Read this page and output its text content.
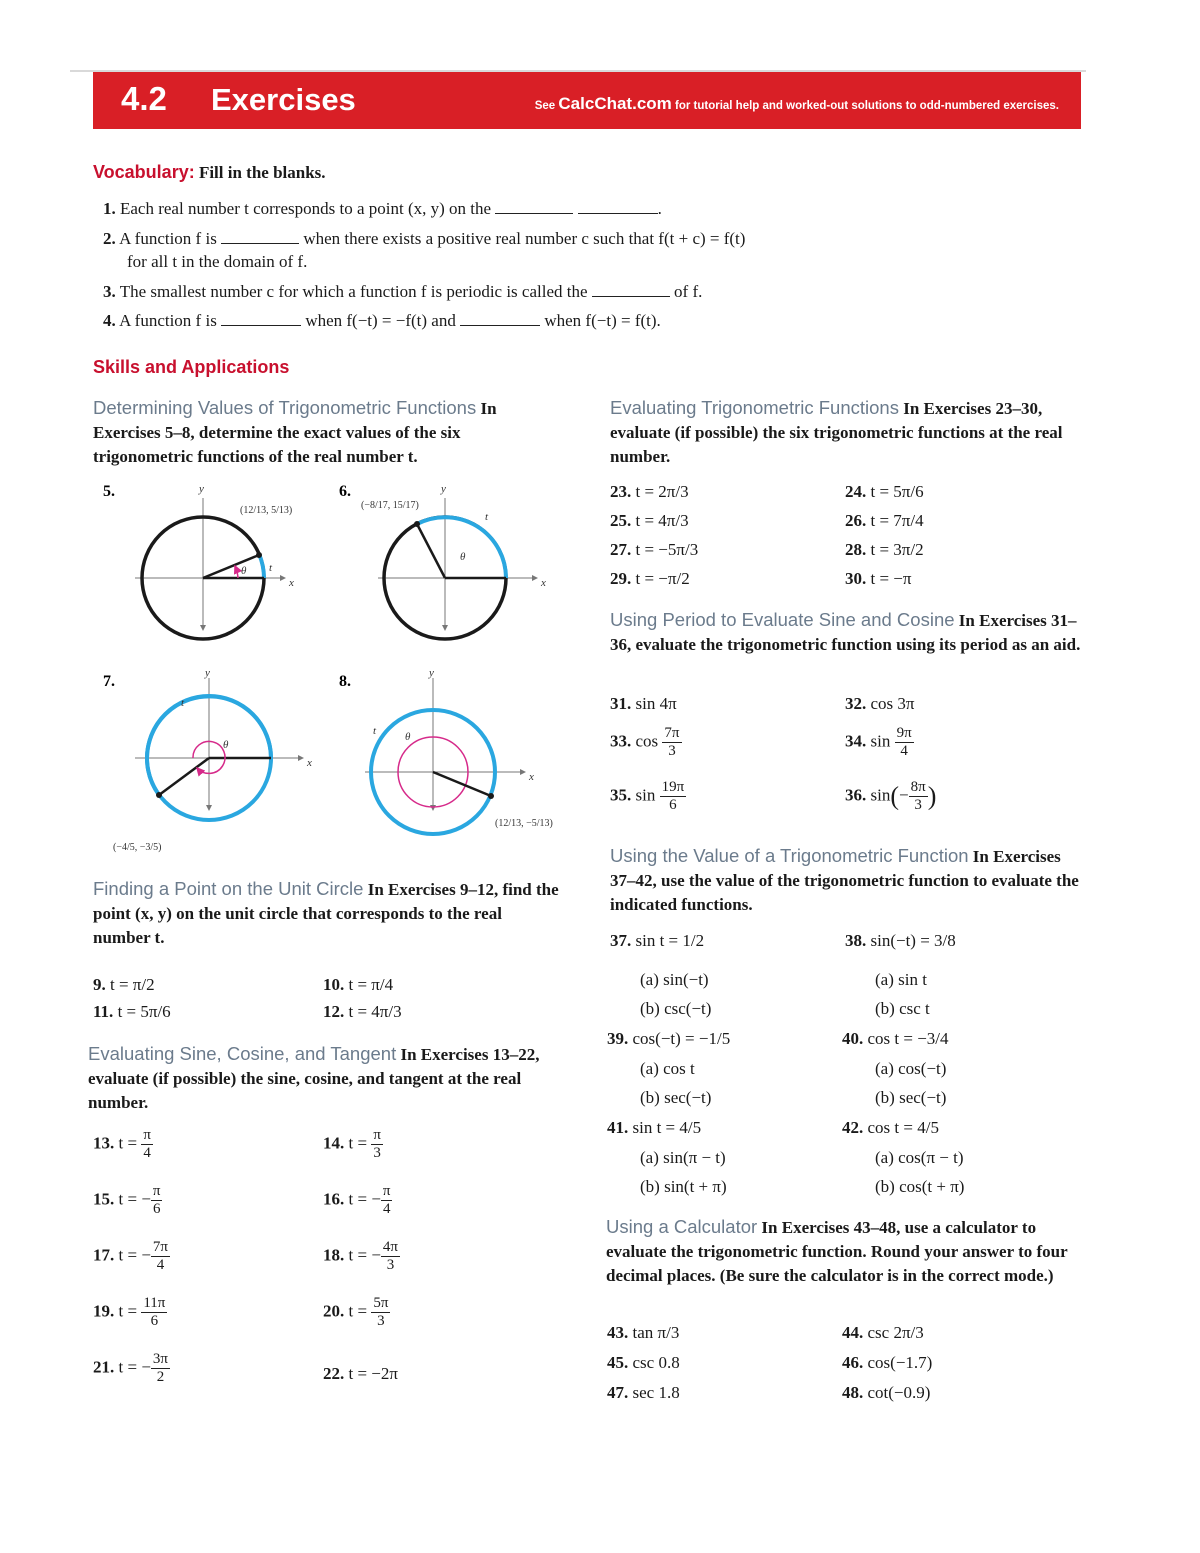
4.2 Exercises	See CalcChat.com for tutorial help and worked-out solutions to odd-numbered exercises.
Vocabulary: Fill in the blanks.
1. Each real number t corresponds to a point (x, y) on the	.
2. A function f is	when there exists a positive real number c such that f(t + c) = f(t)
for all t in the domain of f.
3. The smallest number c for which a function f is periodic is called the	of f.
4. A function f is	when f(−t) = −f(t) and	when f(−t) = f(t).
Skills and Applications
Determining Values of Trigonometric Functions In Exercises 5–8, determine the exact values of the six trigonometric functions of the real number t.
5.	y
x
θ t
(12/13, 5/13)
6.	y
x
θ
t
(−8/17, 15/17)
7.	y
x
θ
t
(−4/5, −3/5)
8.	y
x
θ
t
(12/13, −5/13)
Finding a Point on the Unit Circle In Exercises 9–12, find the point (x, y) on the unit circle that corresponds to the real number t.
9. t = π/2	10. t = π/4
11. t = 5π/6	12. t = 4π/3
Evaluating Sine, Cosine, and Tangent In Exercises 13–22, evaluate (if possible) the sine, cosine, and tangent at the real number.
13. $t = \frac{\pi}{4}$	14. $t = \frac{\pi}{3}$
15. t = − $\frac{\pi}{6}$	16. t = − $\frac{\pi}{4}$
17. t = − $\frac{7\pi}{4}$	18. t = − $\frac{4\pi}{3}$
19. $t = \frac{11\pi}{6}$	20. $t = \frac{5\pi}{3}$
21. t = − $\frac{3\pi}{2}$	22. t = −2π
Evaluating Trigonometric Functions In Exercises 23–30, evaluate (if possible) the six trigonometric functions at the real number.
23. t = 2π/3	24. t = 5π/6
25. t = 4π/3	26. t = 7π/4
27. t = −5π/3	28. t = 3π/2
29. t = −π/2	30. t = −π
Using Period to Evaluate Sine and Cosine In Exercises 31–36, evaluate the trigonometric function using its period as an aid.
31. sin 4π	32. cos 3π
33. $\cos \frac{7\pi}{3}$	34. $\sin \frac{9\pi}{4}$
35. $\sin \frac{19\pi}{6}$	36. $\sin(- \frac{8\pi}{3}$ )
Using the Value of a Trigonometric Function In Exercises 37–42, use the value of the trigonometric function to evaluate the indicated functions.
37. sin t = 1/2	38. sin(−t) = 3/8
(a) sin(−t)	(a) sin t
(b) csc(−t)	(b) csc t
39. cos(−t) = −1/5	40. cos t = −3/4
(a) cos t	(a) cos(−t)
(b) sec(−t)	(b) sec(−t)
41. sin t = 4/5	42. cos t = 4/5
(a) sin(π − t)	(a) cos(π − t)
(b) sin(t + π)	(b) cos(t + π)
Using a Calculator In Exercises 43–48, use a calculator to evaluate the trigonometric function. Round your answer to four decimal places. (Be sure the calculator is in the correct mode.)
43. tan π/3	44. csc 2π/3
45. csc 0.8	46. cos(−1.7)
47. sec 1.8	48. cot(−0.9)
